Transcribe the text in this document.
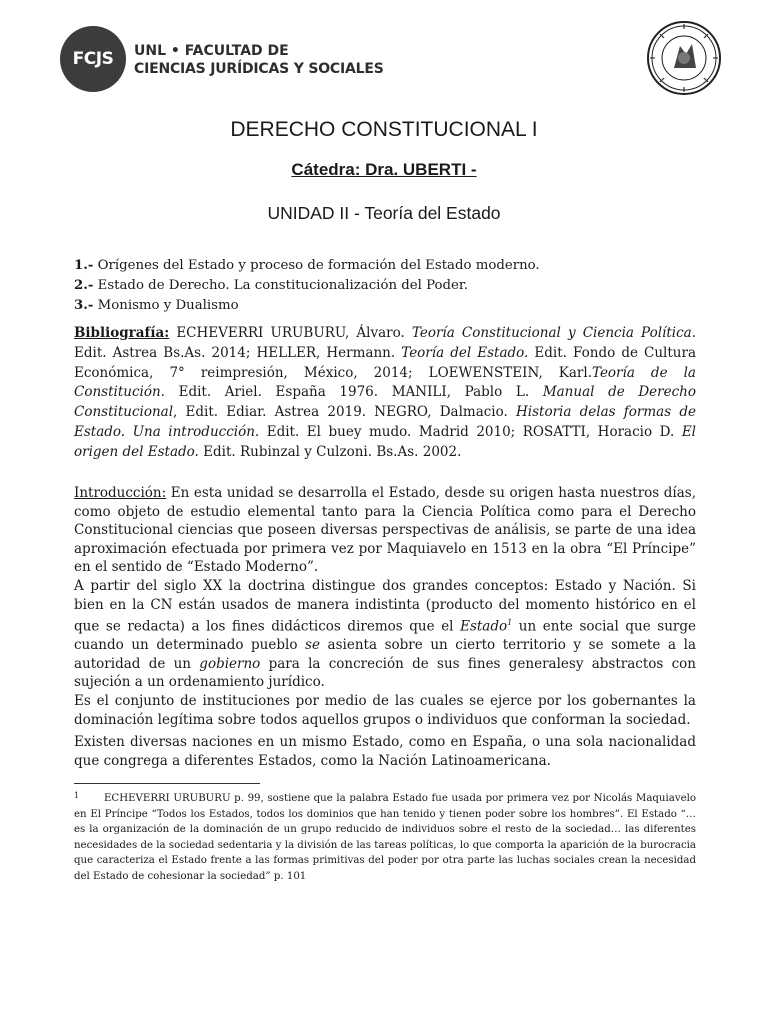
FCJS	UNL • FACULTAD DE
CIENCIAS JURÍDICAS Y SOCIALES
DERECHO CONSTITUCIONAL I
Cátedra: Dra. UBERTI -
UNIDAD II - Teoría del Estado
1.- Orígenes del Estado y proceso de formación del Estado moderno.
2.- Estado de Derecho. La constitucionalización del Poder.
3.- Monismo y Dualismo
Bibliografía: ECHEVERRI URUBURU, Álvaro. Teoría Constitucional y Ciencia Política. Edit. Astrea Bs.As. 2014; HELLER, Hermann. Teoría del Estado. Edit. Fondo de Cultura Económica, 7° reimpresión, México, 2014; LOEWENSTEIN, Karl.Teoría de la Constitución. Edit. Ariel. España 1976. MANILI, Pablo L. Manual de Derecho Constitucional, Edit. Ediar. Astrea 2019. NEGRO, Dalmacio. Historia delas formas de Estado. Una introducción. Edit. El buey mudo. Madrid 2010; ROSATTI, Horacio D. El origen del Estado. Edit. Rubinzal y Culzoni. Bs.As. 2002.

Introducción: En esta unidad se desarrolla el Estado, desde su origen hasta nuestros días, como objeto de estudio elemental tanto para la Ciencia Política como para el Derecho Constitucional ciencias que poseen diversas perspectivas de análisis, se parte de una idea aproximación efectuada por primera vez por Maquiavelo en 1513 en la obra “El Príncipe” en el sentido de “Estado Moderno”.

A partir del siglo XX la doctrina distingue dos grandes conceptos: Estado y Nación. Si bien en la CN están usados de manera indistinta (producto del momento histórico en el que se redacta) a los fines didácticos diremos que el Estado$^1$ un ente social que surge cuando un determinado pueblo se asienta sobre un cierto territorio y se somete a la autoridad de un gobierno para la concreción de sus fines generalesy abstractos con sujeción a un ordenamiento jurídico.

Es el conjunto de instituciones por medio de las cuales se ejerce por los gobernantes la dominación legítima sobre todos aquellos grupos o individuos que conforman la sociedad.

Existen diversas naciones en un mismo Estado, como en España, o una sola nacionalidad que congrega a diferentes Estados, como la Nación Latinoamericana.

1 ECHEVERRI URUBURU p. 99, sostiene que la palabra Estado fue usada por primera vez por Nicolás Maquiavelo en El Príncipe “Todos los Estados, todos los dominios que han tenido y tienen poder sobre los hombres”. El Estado “…es la organización de la dominación de un grupo reducido de individuos sobre el resto de la sociedad… las diferentes necesidades de la sociedad sedentaria y la división de las tareas políticas, lo que comporta la aparición de la burocracia que caracteriza el Estado frente a las formas primitivas del poder por otra parte las luchas sociales crean la necesidad del Estado de cohesionar la sociedad” p. 101
